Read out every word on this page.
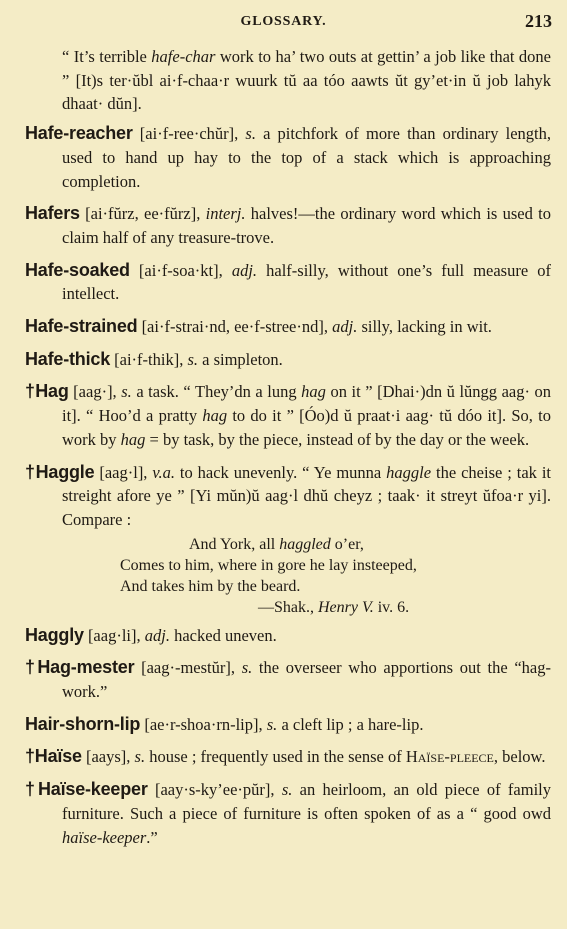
GLOSSARY.	213

“ It’s terrible hafe-char work to ha’ two outs at gettin’ a job like that done ” [It)s ter·ŭbl ai·f-chaa·r wuurk tŭ aa tóo aawts ŭt gy’et·in ŭ job lahyk dhaat· dŭn].

Hafe-reacher [ai·f-ree·chŭr], s. a pitchfork of more than ordinary length, used to hand up hay to the top of a stack which is approaching completion.

Hafers [ai·fŭrz, ee·fŭrz], interj. halves!—the ordinary word which is used to claim half of any treasure-trove.

Hafe-soaked [ai·f-soa·kt], adj. half-silly, without one’s full measure of intellect.

Hafe-strained [ai·f-strai·nd, ee·f-stree·nd], adj. silly, lacking in wit.

Hafe-thick [ai·f-thik], s. a simpleton.

†Hag [aag·], s. a task. “ They’dn a lung hag on it ” [Dhai·)dn ŭ lŭngg aag· on it]. “ Hoo’d a pratty hag to do it ” [Óo)d ŭ praat·i aag· tŭ dóo it]. So, to work by hag = by task, by the piece, instead of by the day or the week.

†Haggle [aag·l], v.a. to hack unevenly. “ Ye munna haggle the cheise ; tak it streight afore ye ” [Yi mŭn)ŭ aag·l dhŭ cheyz ; taak· it streyt ŭfoa·r yi]. Compare :

And York, all haggled o’er,
Comes to him, where in gore he lay insteeped,
And takes him by the beard.
—Shak., Henry V. iv. 6.

Haggly [aag·li], adj. hacked uneven.

†Hag-mester [aag·-mestŭr], s. the overseer who apportions out the “hag-work.”

Hair-shorn-lip [ae·r-shoa·rn-lip], s. a cleft lip ; a hare-lip.

†Haïse [aays], s. house ; frequently used in the sense of Haïse-pleece, below.

†Haïse-keeper [aay·s-ky’ee·pŭr], s. an heirloom, an old piece of family furniture. Such a piece of furniture is often spoken of as a “ good owd haïse-keeper.”
